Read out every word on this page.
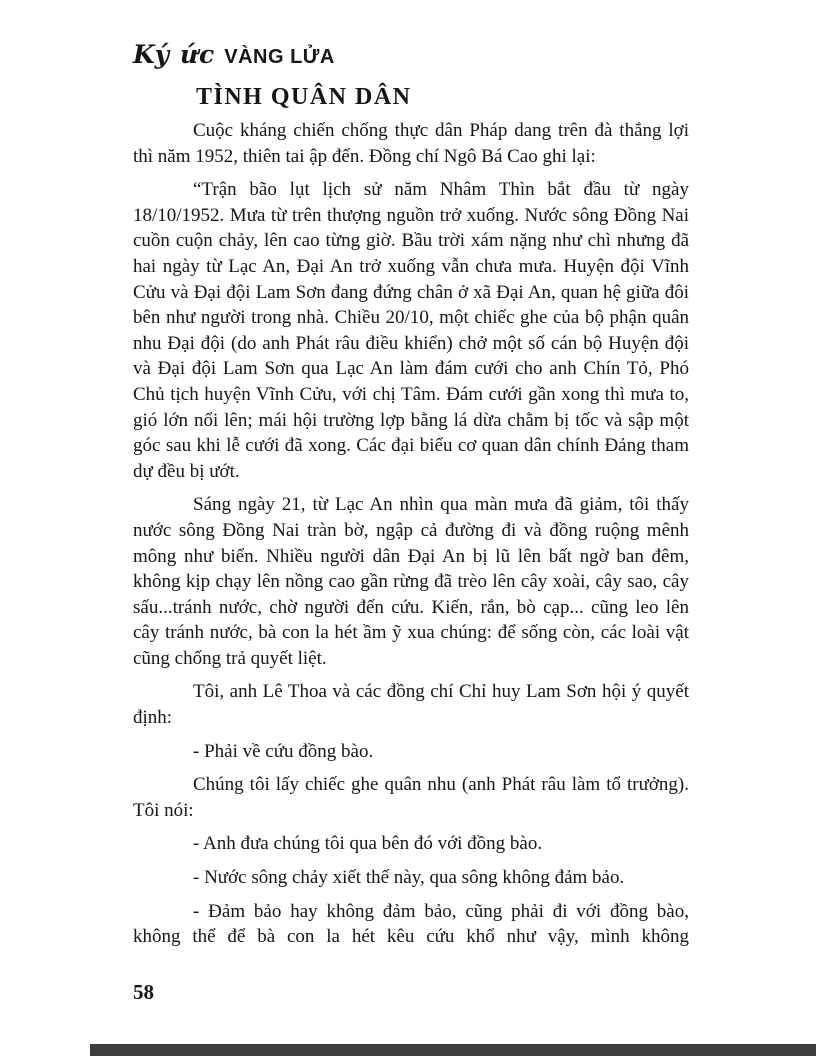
Ký ức VÀNG LỬA
TÌNH QUÂN DÂN

Cuộc kháng chiến chống thực dân Pháp dang trên đà thắng lợi thì năm 1952, thiên tai ập đến. Đồng chí Ngô Bá Cao ghi lại:

“Trận bão lụt lịch sử năm Nhâm Thìn bắt đầu từ ngày 18/10/1952. Mưa từ trên thượng nguồn trở xuống. Nước sông Đồng Nai cuồn cuộn chảy, lên cao từng giờ. Bầu trời xám nặng như chì nhưng đã hai ngày từ Lạc An, Đại An trở xuống vẫn chưa mưa. Huyện đội Vĩnh Cửu và Đại đội Lam Sơn đang đứng chân ở xã Đại An, quan hệ giữa đôi bên như người trong nhà. Chiều 20/10, một chiếc ghe của bộ phận quân nhu Đại đội (do anh Phát râu điều khiển) chở một số cán bộ Huyện đội và Đại đội Lam Sơn qua Lạc An làm đám cưới cho anh Chín Tỏ, Phó Chủ tịch huyện Vĩnh Cửu, với chị Tâm. Đám cưới gần xong thì mưa to, gió lớn nổi lên; mái hội trường lợp bằng lá dừa chằm bị tốc và sập một góc sau khi lễ cưới đã xong. Các đại biểu cơ quan dân chính Đảng tham dự đều bị ướt.

Sáng ngày 21, từ Lạc An nhìn qua màn mưa đã giảm, tôi thấy nước sông Đồng Nai tràn bờ, ngập cả đường đi và đồng ruộng mênh mông như biển. Nhiều người dân Đại An bị lũ lên bất ngờ ban đêm, không kịp chạy lên nồng cao gần rừng đã trèo lên cây xoài, cây sao, cây sấu...tránh nước, chờ người đến cứu. Kiến, rắn, bò cạp... cũng leo lên cây tránh nước, bà con la hét ầm ỹ xua chúng: để sống còn, các loài vật cũng chống trả quyết liệt.

Tôi, anh Lê Thoa và các đồng chí Chỉ huy Lam Sơn hội ý quyết định:

- Phải về cứu đồng bào.

Chúng tôi lấy chiếc ghe quân nhu (anh Phát râu làm tổ trưởng). Tôi nói:

- Anh đưa chúng tôi qua bên đó với đồng bào.

- Nước sông chảy xiết thế này, qua sông không đảm bảo.

- Đảm bảo hay không đảm bảo, cũng phải đi với đồng bào, không thể để bà con la hét kêu cứu khổ như vậy, mình không

58
